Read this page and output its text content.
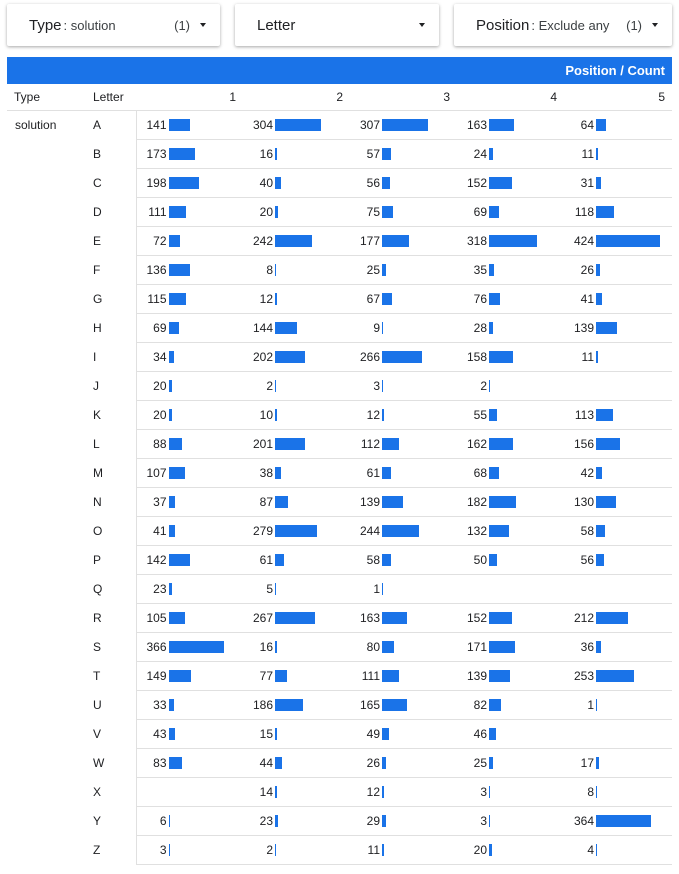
Type : solution	(1)	Letter	Position : Exclude any (1)
Position / Count
Type	Letter	1	2	3	4	5
solution	A	141	304	307	163	64

	B	173	16	57	24	11

	C	198	40	56	152	31

	D	111	20	75	69	118

	E	72	242	177	318	424

	F	136	8	25	35	26

	G	115	12	67	76	41

	H	69	144	9	28	139

	I	34	202	266	158	11

	J	20	2	3	2	

	K	20	10	12	55	113

	L	88	201	112	162	156

	M	107	38	61	68	42

	N	37	87	139	182	130

	O	41	279	244	132	58

	P	142	61	58	50	56

	Q	23	5	1		

	R	105	267	163	152	212

	S	366	16	80	171	36

	T	149	77	111	139	253

	U	33	186	165	82	1

	V	43	15	49	46	

	W	83	44	26	25	17

	X		14	12	3	8

	Y	6	23	29	3	364

	Z	3	2	11	20	4
